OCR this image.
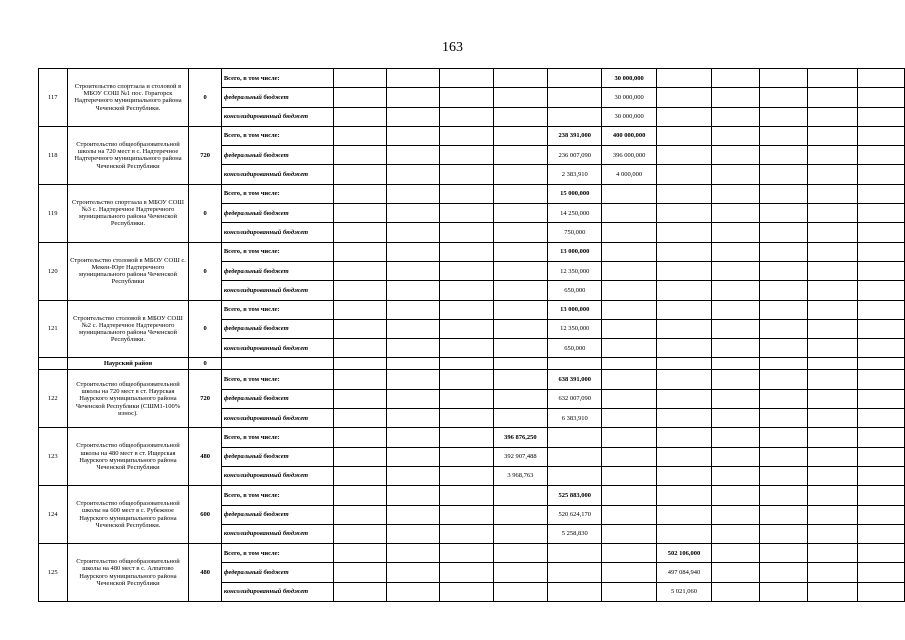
163
117	Строительство спортзала и столовой в МБОУ СОШ №1 пос. Горагорск Надтеречного муниципального района Чеченской Республики.	0	Всего, в том числе:						30 000,000					
			федеральный бюджет						30 000,000					
			консолидированный бюджет						30 000,000					
118	Строительство общеобразовательной школы на 720 мест в с. Надтеречное Надтеречного муниципального района Чеченской Республики	720	Всего, в том числе:					238 391,000	400 000,000					
			федеральный бюджет					236 007,090	396 000,000					
			консолидированный бюджет					2 383,910	4 000,000					
119	Строительство спортзала в МБОУ СОШ №3 с. Надтеречное Надтеречного муниципального района Чеченской Республики.	0	Всего, в том числе:					15 000,000						
			федеральный бюджет					14 250,000						
			консолидированный бюджет					750,000						
120	Строительство столовой в МБОУ СОШ с. Мекен-Юрт Надтеречного муниципального района Чеченской Республики	0	Всего, в том числе:					13 000,000						
			федеральный бюджет					12 350,000						
			консолидированный бюджет					650,000						
121	Строительство столовой в МБОУ СОШ №2 с. Надтеречное Надтеречного муниципального района Чеченской Республики.	0	Всего, в том числе:					13 000,000						
			федеральный бюджет					12 350,000						
			консолидированный бюджет					650,000						
	Наурский район	0												
122	Строительство общеобразовательной школы на 720 мест в ст. Наурская Наурского муниципального района Чеченской Республики (СШМ1-100% износ).	720	Всего, в том числе:					638 391,000						
			федеральный бюджет					632 007,090						
			консолидированный бюджет					6 383,910						
123	Строительство общеобразовательной школы на 480 мест в ст. Ищерская Наурского муниципального района Чеченской Республики	480	Всего, в том числе:				396 876,250							
			федеральный бюджет				392 907,488							
			консолидированный бюджет				3 968,763							
124	Строительство общеобразовательной школы на 600 мест в с. Рубежное Наурского муниципального района Чеченской Республики.	600	Всего, в том числе:					525 883,000						
			федеральный бюджет					520 624,170						
			консолидированный бюджет					5 258,830						
125	Строительство общеобразовательной школы на 480 мест в с. Алпатово Наурского муниципального района Чеченской Республики	480	Всего, в том числе:							502 106,000				
			федеральный бюджет							497 084,940				
			консолидированный бюджет							5 021,060				
